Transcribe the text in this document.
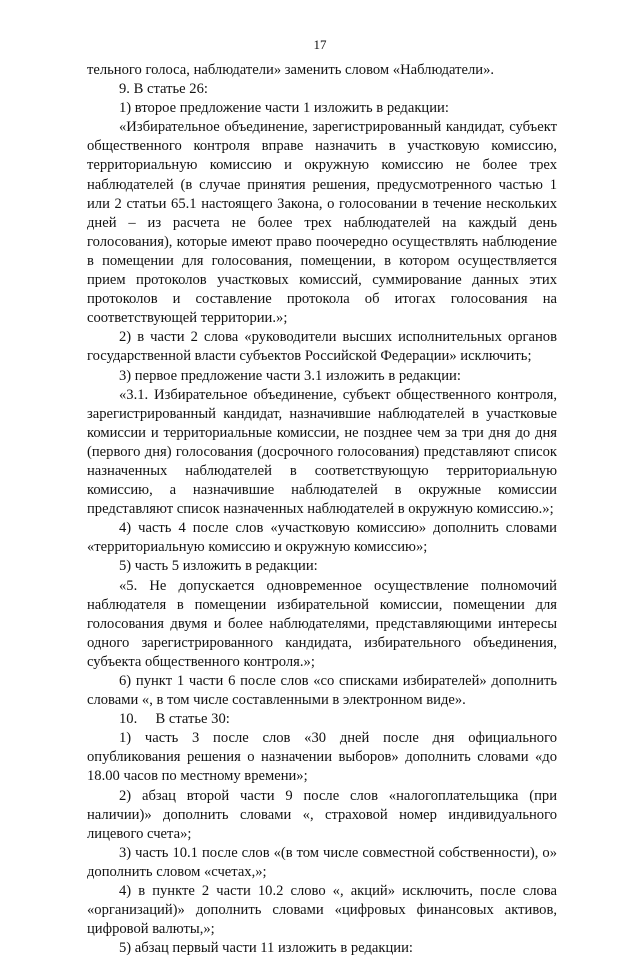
17

тельного голоса, наблюдатели» заменить словом «Наблюдатели».

9. В статье 26:

1) второе предложение части 1 изложить в редакции:

«Избирательное объединение, зарегистрированный кандидат, субъект общественного контроля вправе назначить в участковую комиссию, территориальную комиссию и окружную комиссию не более трех наблюдателей (в случае принятия решения, предусмотренного частью 1 или 2 статьи 65.1 настоящего Закона, о голосовании в течение нескольких дней – из расчета не более трех наблюдателей на каждый день голосования), которые имеют право поочередно осуществлять наблюдение в помещении для голосования, помещении, в котором осуществляется прием протоколов участковых комиссий, суммирование данных этих протоколов и составление протокола об итогах голосования на соответствующей территории.»;

2) в части 2 слова «руководители высших исполнительных органов государственной власти субъектов Российской Федерации» исключить;

3) первое предложение части 3.1 изложить в редакции:

«3.1. Избирательное объединение, субъект общественного контроля, зарегистрированный кандидат, назначившие наблюдателей в участковые комиссии и территориальные комиссии, не позднее чем за три дня до дня (первого дня) голосования (досрочного голосования) представляют список назначенных наблюдателей в соответствующую территориальную комиссию, а назначившие наблюдателей в окружные комиссии представляют список назначенных наблюдателей в окружную комиссию.»;

4) часть 4 после слов «участковую комиссию» дополнить словами «территориальную комиссию и окружную комиссию»;

5) часть 5 изложить в редакции:

«5. Не допускается одновременное осуществление полномочий наблюдателя в помещении избирательной комиссии, помещении для голосования двумя и более наблюдателями, представляющими интересы одного зарегистрированного кандидата, избирательного объединения, субъекта общественного контроля.»;

6) пункт 1 части 6 после слов «со списками избирателей» дополнить словами «, в том числе составленными в электронном виде».

10.     В статье 30:

1) часть 3 после слов «30 дней после дня официального опубликования решения о назначении выборов» дополнить словами «до 18.00 часов по местному времени»;

2) абзац второй части 9 после слов «налогоплательщика (при наличии)» дополнить словами «, страховой номер индивидуального лицевого счета»;

3) часть 10.1 после слов «(в том числе совместной собственности), о» дополнить словом «счетах,»;

4) в пункте 2 части 10.2 слово «, акций» исключить, после слова «организаций)» дополнить словами «цифровых финансовых активов, цифровой валюты,»;

5) абзац первый части 11 изложить в редакции:
